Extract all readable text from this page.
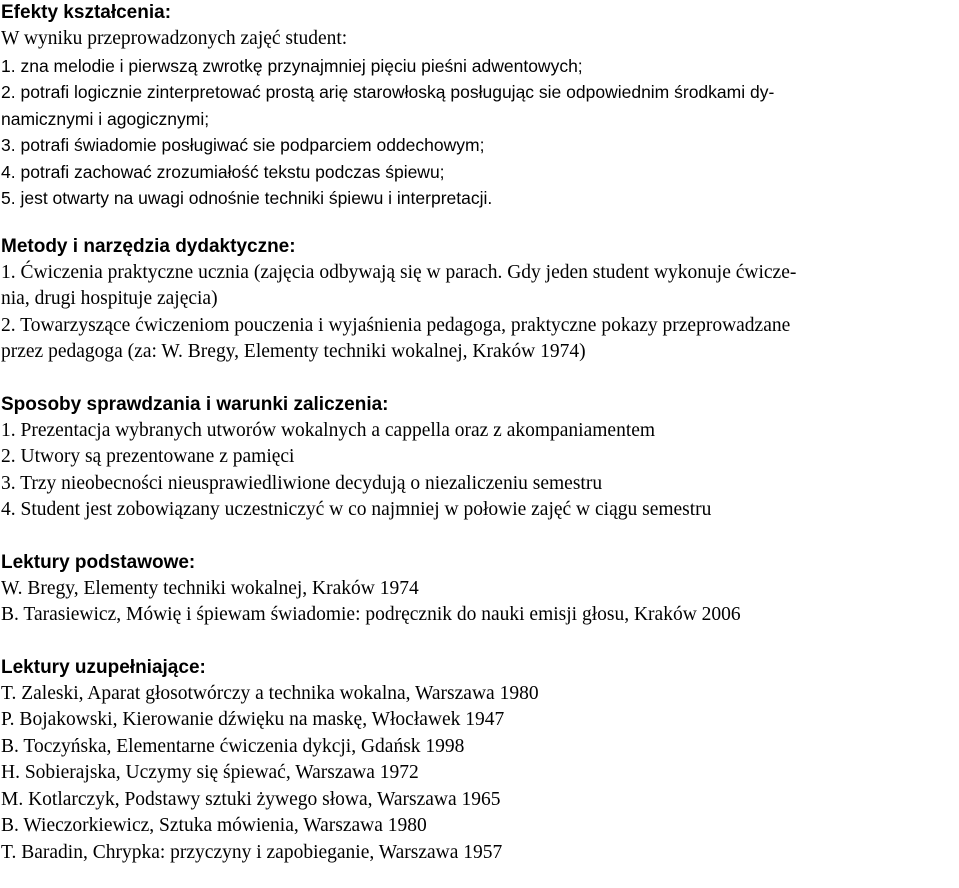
Efekty kształcenia:
W wyniku przeprowadzonych zajęć student:
1. zna melodie i pierwszą zwrotkę przynajmniej pięciu pieśni adwentowych;
2. potrafi logicznie zinterpretować prostą arię starowłoską posługując sie odpowiednim środkami dy-
namicznymi i agogicznymi;
3. potrafi świadomie posługiwać sie podparciem oddechowym;
4. potrafi zachować zrozumiałość tekstu podczas śpiewu;
5. jest otwarty na uwagi odnośnie techniki śpiewu i interpretacji.
Metody i narzędzia dydaktyczne:
1. Ćwiczenia praktyczne ucznia (zajęcia odbywają się w parach. Gdy jeden student wykonuje ćwicze-
nia, drugi hospituje zajęcia)
2. Towarzyszące ćwiczeniom pouczenia i wyjaśnienia pedagoga, praktyczne pokazy przeprowadzane
przez pedagoga (za: W. Bregy, Elementy techniki wokalnej, Kraków 1974)
Sposoby sprawdzania i warunki zaliczenia:
1. Prezentacja wybranych utworów wokalnych a cappella oraz z akompaniamentem
2. Utwory są prezentowane z pamięci
3. Trzy nieobecności nieusprawiedliwione decydują o niezaliczeniu semestru
4. Student jest zobowiązany uczestniczyć w co najmniej w połowie zajęć w ciągu semestru
Lektury podstawowe:
W. Bregy, Elementy techniki wokalnej, Kraków 1974
B. Tarasiewicz, Mówię i śpiewam świadomie: podręcznik do nauki emisji głosu, Kraków 2006
Lektury uzupełniające:
T. Zaleski, Aparat głosotwórczy a technika wokalna, Warszawa 1980
P. Bojakowski, Kierowanie dźwięku na maskę, Włocławek 1947
B. Toczyńska, Elementarne ćwiczenia dykcji, Gdańsk 1998
H. Sobierajska, Uczymy się śpiewać, Warszawa 1972
M. Kotlarczyk, Podstawy sztuki żywego słowa, Warszawa 1965
B. Wieczorkiewicz, Sztuka mówienia, Warszawa 1980
T. Baradin, Chrypka: przyczyny i zapobieganie, Warszawa 1957
